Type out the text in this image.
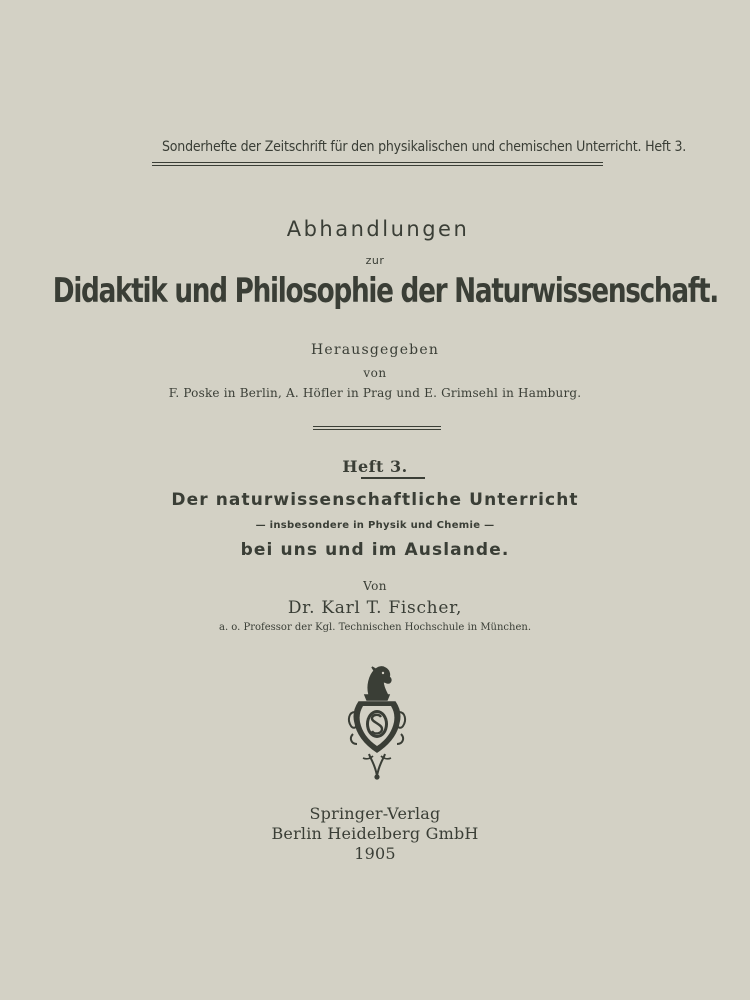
Sonderhefte der Zeitschrift für den physikalischen und chemischen Unterricht. Heft 3.
Abhandlungen
zur
Didaktik und Philosophie der Naturwissenschaft.
Herausgegeben
von
F. Poske in Berlin, A. Höfler in Prag und E. Grimsehl in Hamburg.
Heft 3.
Der naturwissenschaftliche Unterricht
— insbesondere in Physik und Chemie —
bei uns und im Auslande.
Von
Dr. Karl T. Fischer,
a. o. Professor der Kgl. Technischen Hochschule in München.
Springer-Verlag
Berlin Heidelberg GmbH
1905
